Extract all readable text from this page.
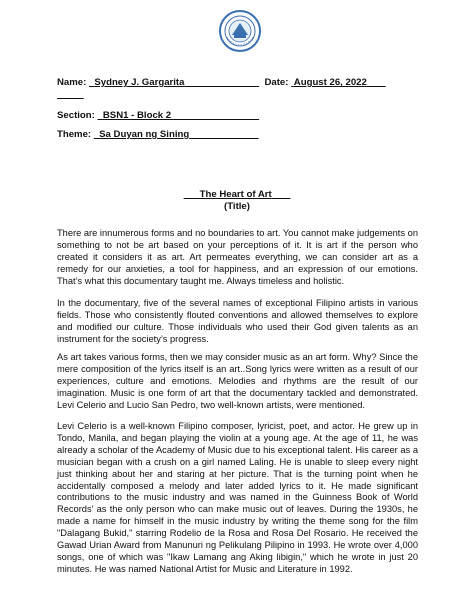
Name: Sydney J. Gargarita	Date: August 26, 2022

Section: BSN1 - Block 2
Theme: Sa Duyan ng Sining
The Heart of Art
(Title)

There are innumerous forms and no boundaries to art. You cannot make judgements on something to not be art based on your perceptions of it. It is art if the person who created it considers it as art. Art permeates everything, we can consider art as a remedy for our anxieties, a tool for happiness, and an expression of our emotions. That’s what this documentary taught me. Always timeless and holistic.

In the documentary, five of the several names of exceptional Filipino artists in various fields. Those who consistently flouted conventions and allowed themselves to explore and modified our culture. Those individuals who used their God given talents as an instrument for the society’s progress.

As art takes various forms, then we may consider music as an art form. Why? Since the mere composition of the lyrics itself is an art..Song lyrics were written as a result of our experiences, culture and emotions. Melodies and rhythms are the result of our imagination. Music is one form of art that the documentary tackled and demonstrated. Levi Celerio and Lucio San Pedro, two well-known artists, were mentioned.

Levi Celerio is a well-known Filipino composer, lyricist, poet, and actor. He grew up in Tondo, Manila, and began playing the violin at a young age. At the age of 11, he was already a scholar of the Academy of Music due to his exceptional talent. His career as a musician began with a crush on a girl named Laling. He is unable to sleep every night just thinking about her and staring at her picture. That is the turning point when he accidentally composed a melody and later added lyrics to it. He made significant contributions to the music industry and was named in the Guinness Book of World Records' as the only person who can make music out of leaves. During the 1930s, he made a name for himself in the music industry by writing the theme song for the film "Dalagang Bukid," starring Rodelio de la Rosa and Rosa Del Rosario. He received the Gawad Urian Award from Manunuri ng Pelikulang Pilipino in 1993. He wrote over 4,000 songs, one of which was "Ikaw Lamang ang Aking libigin," which he wrote in just 20 minutes. He was named National Artist for Music and Literature in 1992.
